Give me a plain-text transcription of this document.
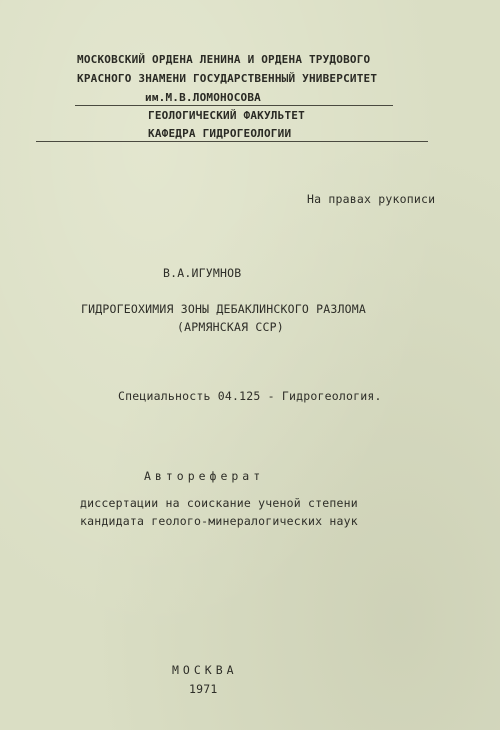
МОСКОВСКИЙ ОРДЕНА ЛЕНИНА И ОРДЕНА ТРУДОВОГО
КРАСНОГО ЗНАМЕНИ ГОСУДАРСТВЕННЫЙ УНИВЕРСИТЕТ
им.М.В.ЛОМОНОСОВА
ГЕОЛОГИЧЕСКИЙ ФАКУЛЬТЕТ
КАФЕДРА ГИДРОГЕОЛОГИИ
На правах рукописи
В.А.ИГУМНОВ
ГИДРОГЕОХИМИЯ ЗОНЫ ДЕБАКЛИНСКОГО РАЗЛОМА
(АРМЯНСКАЯ ССР)
Специальность 04.125 - Гидрогеология.
Автореферат
диссертации на соискание ученой степени
кандидата геолого-минералогических наук
МОСКВА
1971
